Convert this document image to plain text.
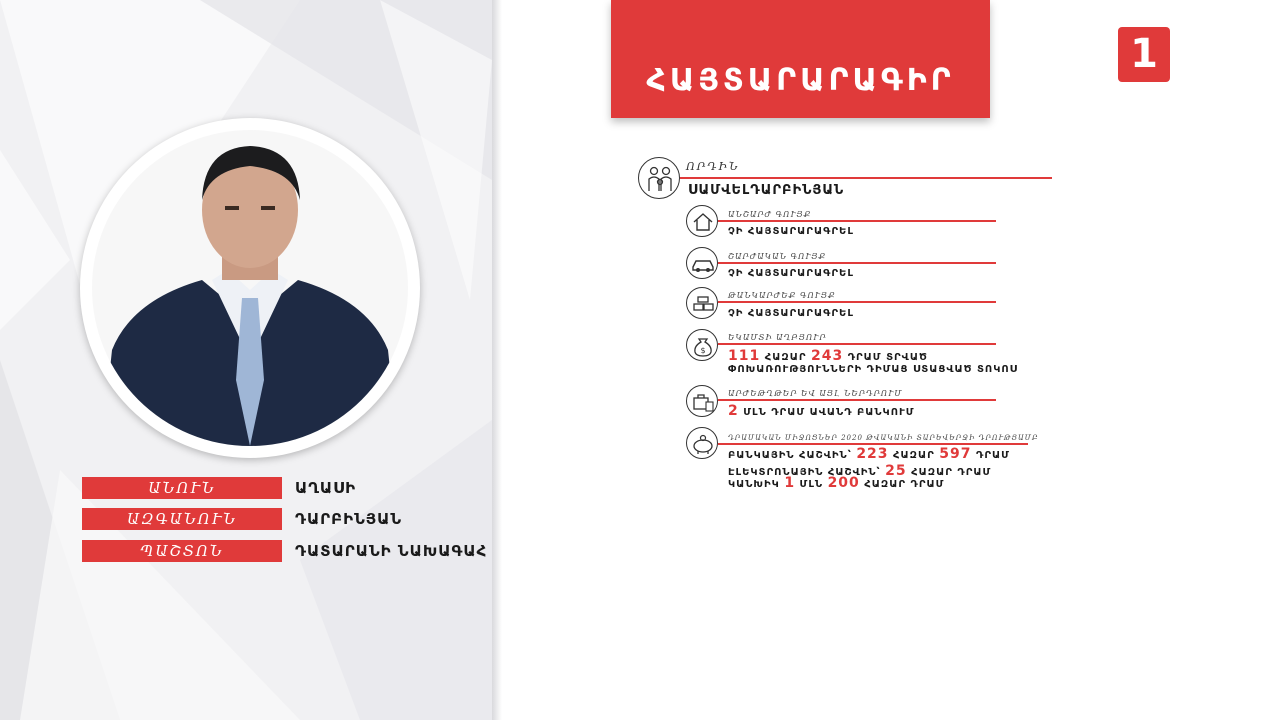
ԱՆՈՒՆ	ԱՂԱՍԻ
ԱԶԳԱՆՈՒՆ	ԴԱՐԲԻՆՅԱՆ
ՊԱՇՏՈՆ	ԴԱՏԱՐԱՆԻ ՆԱԽԱԳԱՀ
ՀԱՅՏԱՐԱՐԱԳԻՐ
1
ՈՐԴԻՆ
ՍԱՄՎԵԼԴԱՐԲԻՆՅԱՆ
ԱՆՇԱՐԺ ԳՈՒՅՔ
ՉԻ ՀԱՅՏԱՐԱՐԱԳՐԵԼ
ՇԱՐԺԱԿԱՆ ԳՈՒՅՔ
ՉԻ ՀԱՅՏԱՐԱՐԱԳՐԵԼ
ԹԱՆԿԱՐԺԵՔ ԳՈՒՅՔ
ՉԻ ՀԱՅՏԱՐԱՐԱԳՐԵԼ
$
ԵԿԱՄՏԻ ԱՂԲՅՈՒՐ
111 ՀԱԶԱՐ 243 ԴՐԱՄ ՏՐՎԱԾ
ՓՈԽԱՌՈՒԹՅՈՒՆՆԵՐԻ ԴԻՄԱՑ ՍՏԱՑՎԱԾ ՏՈԿՈՍ
ԱՐԺԵԹՂԹԵՐ ԵՎ ԱՅԼ ՆԵՐԴՐՈՒՄ
2 ՄԼՆ ԴՐԱՄ ԱՎԱՆԴ ԲԱՆԿՈՒՄ
ԴՐԱՄԱԿԱՆ ՄԻՋՈՑՆԵՐ 2020 ԹՎԱԿԱՆԻ ՏԱՐԵՎԵՐՋԻ ԴՐՈՒԹՅԱՄԲ
ԲԱՆԿԱՅԻՆ ՀԱՇՎԻՆ՝ 223 ՀԱԶԱՐ 597 ԴՐԱՄ
ԷԼԵԿՏՐՈՆԱՅԻՆ ՀԱՇՎԻՆ՝ 25 ՀԱԶԱՐ ԴՐԱՄ
ԿԱՆԽԻԿ 1 ՄԼՆ 200 ՀԱԶԱՐ ԴՐԱՄ
